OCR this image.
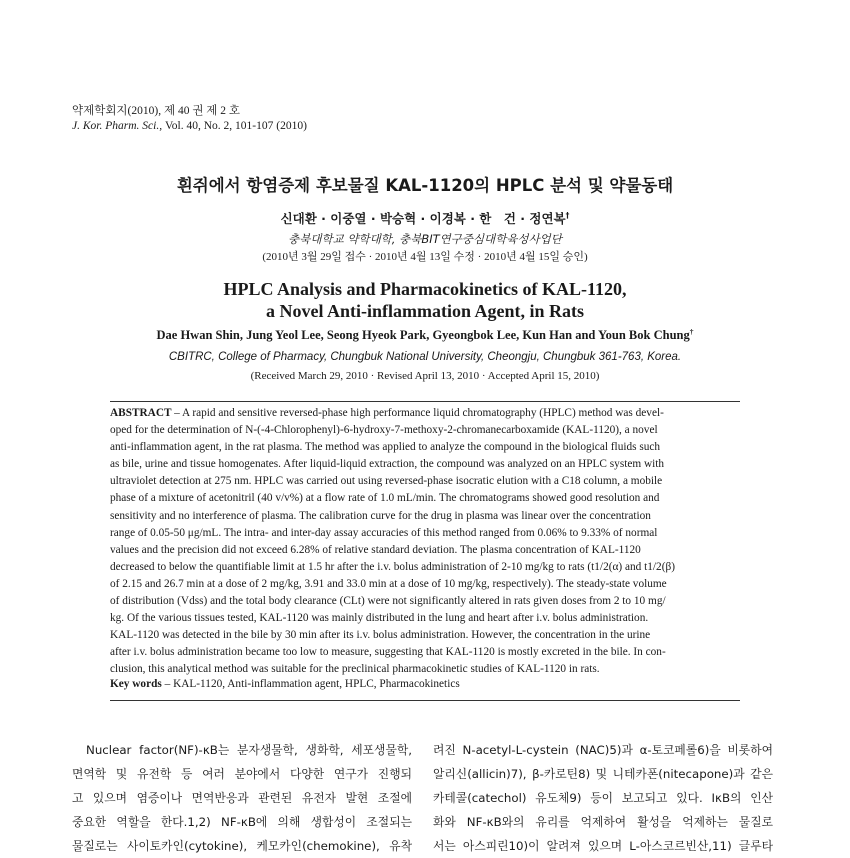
약제학회지(2010), 제 40 권 제 2 호
J. Kor. Pharm. Sci., Vol. 40, No. 2, 101-107 (2010)
흰쥐에서 항염증제 후보물질 KAL-1120의 HPLC 분석 및 약물동태
신대환 · 이중열 · 박승혁 · 이경복 · 한　건 · 정연복†
충북대학교 약학대학, 충북BIT연구중심대학육성사업단
(2010년 3월 29일 접수 · 2010년 4월 13일 수정 · 2010년 4월 15일 승인)
HPLC Analysis and Pharmacokinetics of KAL-1120,
a Novel Anti-inflammation Agent, in Rats
Dae Hwan Shin, Jung Yeol Lee, Seong Hyeok Park, Gyeongbok Lee, Kun Han and Youn Bok Chung†
CBITRC, College of Pharmacy, Chungbuk National University, Cheongju, Chungbuk 361-763, Korea.
(Received March 29, 2010 · Revised April 13, 2010 · Accepted April 15, 2010)
ABSTRACT – A rapid and sensitive reversed-phase high performance liquid chromatography (HPLC) method was devel-
oped for the determination of N-(-4-Chlorophenyl)-6-hydroxy-7-methoxy-2-chromanecarboxamide (KAL-1120), a novel
anti-inflammation agent, in the rat plasma. The method was applied to analyze the compound in the biological fluids such
as bile, urine and tissue homogenates. After liquid-liquid extraction, the compound was analyzed on an HPLC system with
ultraviolet detection at 275 nm. HPLC was carried out using reversed-phase isocratic elution with a C18 column, a mobile
phase of a mixture of acetonitril (40 v/v%) at a flow rate of 1.0 mL/min. The chromatograms showed good resolution and
sensitivity and no interference of plasma. The calibration curve for the drug in plasma was linear over the concentration
range of 0.05-50 μg/mL. The intra- and inter-day assay accuracies of this method ranged from 0.06% to 9.33% of normal
values and the precision did not exceed 6.28% of relative standard deviation. The plasma concentration of KAL-1120
decreased to below the quantifiable limit at 1.5 hr after the i.v. bolus administration of 2-10 mg/kg to rats (t1/2(α) and t1/2(β)
of 2.15 and 26.7 min at a dose of 2 mg/kg, 3.91 and 33.0 min at a dose of 10 mg/kg, respectively). The steady-state volume
of distribution (Vdss) and the total body clearance (CLt) were not significantly altered in rats given doses from 2 to 10 mg/
kg. Of the various tissues tested, KAL-1120 was mainly distributed in the lung and heart after i.v. bolus administration.
KAL-1120 was detected in the bile by 30 min after its i.v. bolus administration. However, the concentration in the urine
after i.v. bolus administration became too low to measure, suggesting that KAL-1120 is mostly excreted in the bile. In con-
clusion, this analytical method was suitable for the preclinical pharmacokinetic studies of KAL-1120 in rats.
Key words – KAL-1120, Anti-inflammation agent, HPLC, Pharmacokinetics
Nuclear factor(NF)-κB는 분자생물학, 생화학, 세포생물학,
면역학 및 유전학 등 여러 분야에서 다양한 연구가 진행되
고 있으며 염증이나 면역반응과 관련된 유전자 발현 조절에
중요한 역할을 한다.1,2) NF-κB에 의해 생합성이 조절되는
물질로는 사이토카인(cytokine), 케모카인(chemokine), 유착
려진 N-acetyl-L-cystein (NAC)5)과 α-토코페롤6)을 비롯하여
알리신(allicin)7), β-카로틴8) 및 니테카폰(nitecapone)과 같은
카테콜(catechol) 유도체9) 등이 보고되고 있다. IκB의 인산
화와 NF-κB와의 유리를 억제하여 활성을 억제하는 물질로
서는 아스피린10)이 알려져 있으며 L-아스코르빈산,11) 글루타
